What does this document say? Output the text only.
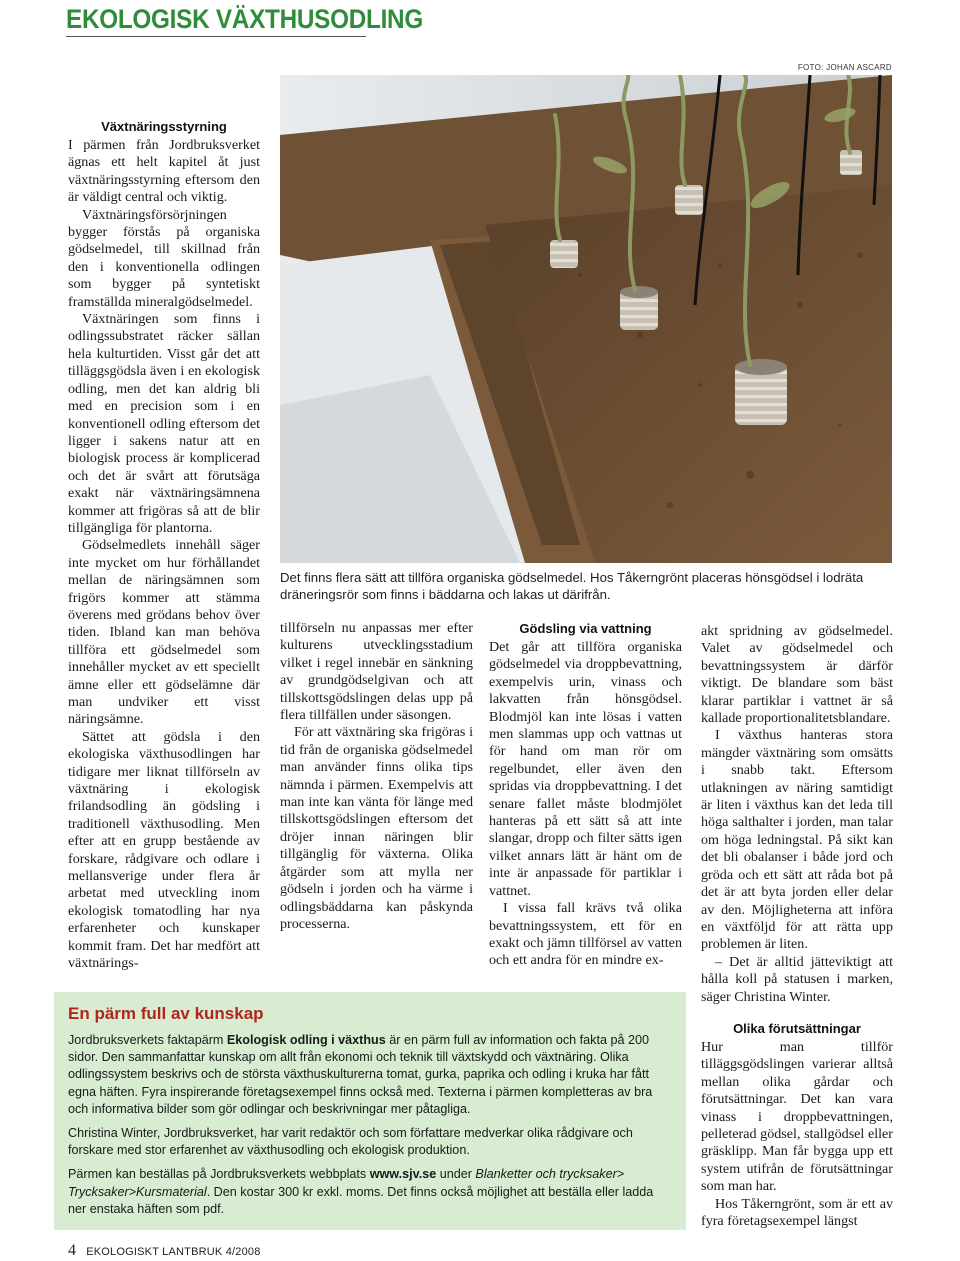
EKOLOGISK VÄXTHUSODLING
FOTO: JOHAN ASCARD
Det finns flera sätt att tillföra organiska gödselmedel. Hos Tåkerngrönt placeras hönsgödsel i lodräta dräneringsrör som finns i bäddarna och lakas ut därifrån.
Växtnäringsstyrning

I pärmen från Jordbruksverket ägnas ett helt kapitel åt just växtnäringsstyrning eftersom den är väldigt central och viktig.

Växtnäringsförsörjningen bygger förstås på organiska gödselmedel, till skillnad från den i konventionella odlingen som bygger på syntetiskt framställda mineralgödselmedel.

Växtnäringen som finns i odlingssubstratet räcker sällan hela kulturtiden. Visst går det att tilläggsgödsla även i en ekologisk odling, men det kan aldrig bli med en precision som i en konventionell odling eftersom det ligger i sakens natur att en biologisk process är komplicerad och det är svårt att förutsäga exakt när växtnäringsämnena kommer att frigöras så att de blir tillgängliga för plantorna.

Gödselmedlets innehåll säger inte mycket om hur förhållandet mellan de näringsämnen som frigörs kommer att stämma överens med grödans behov över tiden. Ibland kan man behöva tillföra ett gödselmedel som innehåller mycket av ett speciellt ämne eller ett gödselämne där man undviker ett visst näringsämne.

Sättet att gödsla i den ekologiska växthusodlingen har tidigare mer liknat tillförseln av växtnäring i ekologisk frilandsodling än gödsling i traditionell växthusodling. Men efter att en grupp bestående av forskare, rådgivare och odlare i mellansverige under flera år arbetat med utveckling inom ekologisk tomatodling har nya erfarenheter och kunskaper kommit fram. Det har medfört att växtnärings-

tillförseln nu anpassas mer efter kulturens utvecklingsstadium vilket i regel innebär en sänkning av grundgödselgivan och att tillskottsgödslingen delas upp på flera tillfällen under säsongen.

För att växtnäring ska frigöras i tid från de organiska gödselmedel man använder finns olika tips nämnda i pärmen. Exempelvis att man inte kan vänta för länge med tillskottsgödslingen eftersom det dröjer innan näringen blir tillgänglig för växterna. Olika åtgärder som att mylla ner gödseln i jorden och ha värme i odlingsbäddarna kan påskynda processerna.

Gödsling via vattning

Det går att tillföra organiska gödselmedel via droppbevattning, exempelvis urin, vinass och lakvatten från hönsgödsel. Blodmjöl kan inte lösas i vatten men slammas upp och vattnas ut för hand om man rör om regelbundet, eller även den spridas via droppbevattning. I det senare fallet måste blodmjölet hanteras på ett sätt så att inte slangar, dropp och filter sätts igen vilket annars lätt är hänt om de inte är anpassade för partiklar i vattnet.

I vissa fall krävs två olika bevattningssystem, ett för en exakt och jämn tillförsel av vatten och ett andra för en mindre ex-

akt spridning av gödselmedel. Valet av gödselmedel och bevattningssystem är därför viktigt. De blandare som bäst klarar partiklar i vattnet är så kallade proportionalitetsblandare.

I växthus hanteras stora mängder växtnäring som omsätts i snabb takt. Eftersom utlakningen av näring samtidigt är liten i växthus kan det leda till höga salthalter i jorden, man talar om höga ledningstal. På sikt kan det bli obalanser i både jord och gröda och ett sätt att råda bot på det är att byta jorden eller delar av den. Möjligheterna att införa en växtföljd för att rätta upp problemen är liten.

– Det är alltid jätteviktigt att hålla koll på statusen i marken, säger Christina Winter.

Olika förutsättningar

Hur man tillför tilläggsgödslingen varierar alltså mellan olika gårdar och förutsättningar. Det kan vara vinass i droppbevattningen, pelleterad gödsel, stallgödsel eller gräsklipp. Man får bygga upp ett system utifrån de förutsättningar som man har.

Hos Tåkerngrönt, som är ett av fyra företagsexempel längst

En pärm full av kunskap

Jordbruksverkets faktapärm Ekologisk odling i växthus är en pärm full av information och fakta på 200 sidor. Den sammanfattar kunskap om allt från ekonomi och teknik till växtskydd och växtnäring. Olika odlingssystem beskrivs och de största växthuskulturerna tomat, gurka, paprika och odling i kruka har fått egna häften. Fyra inspirerande företagsexempel finns också med. Texterna i pärmen kompletteras av bra och informativa bilder som gör odlingar och beskrivningar mer påtagliga.

Christina Winter, Jordbruksverket, har varit redaktör och som författare medverkar olika rådgivare och forskare med stor erfarenhet av växthusodling och ekologisk produktion.

Pärmen kan beställas på Jordbruksverkets webbplats www.sjv.se under Blanketter och trycksaker> Trycksaker>Kursmaterial. Den kostar 300 kr exkl. moms. Det finns också möjlighet att beställa eller ladda ner enstaka häften som pdf.

4 EKOLOGISKT LANTBRUK 4/2008
